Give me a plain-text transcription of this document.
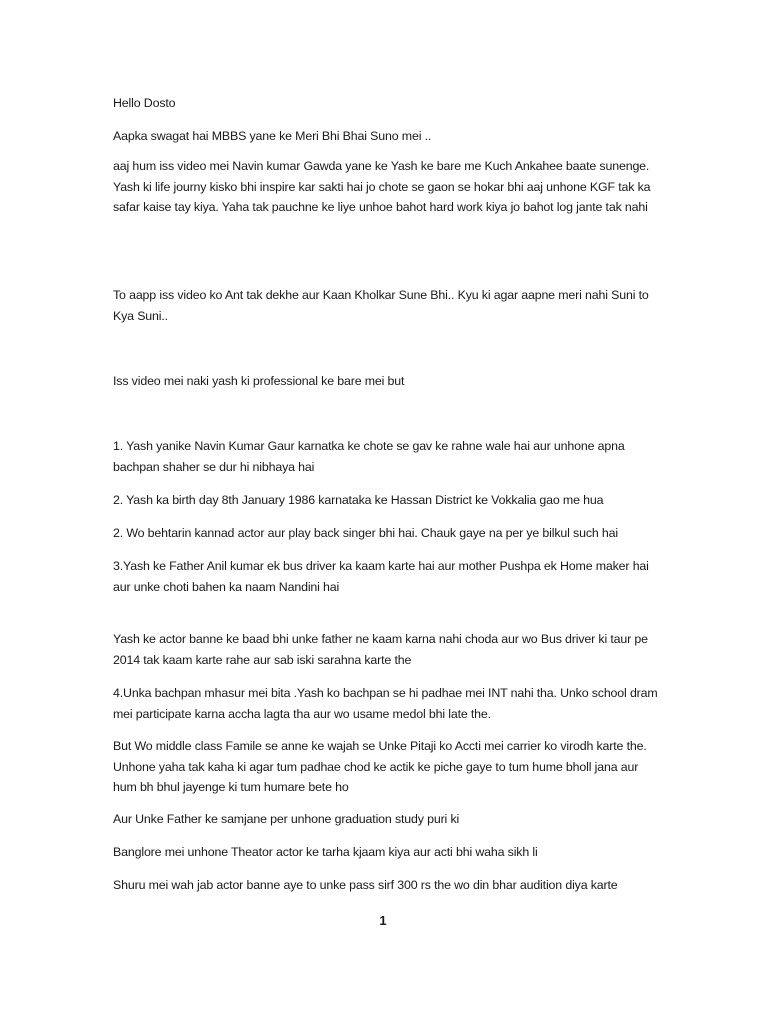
Hello Dosto

Aapka swagat hai MBBS yane ke Meri Bhi Bhai Suno mei ..

aaj hum iss video mei Navin kumar Gawda yane ke Yash ke bare me Kuch Ankahee baate sunenge. Yash ki life journy kisko bhi inspire kar sakti hai jo chote se gaon se hokar bhi aaj unhone KGF tak ka safar kaise tay kiya. Yaha tak pauchne ke liye unhoe bahot hard work kiya jo bahot log jante tak nahi

To aapp iss video ko Ant tak dekhe aur Kaan Kholkar Sune Bhi.. Kyu ki agar aapne meri nahi Suni to Kya Suni..

Iss video mei naki yash ki professional ke bare mei but

1. Yash yanike Navin Kumar Gaur karnatka ke chote se gav ke rahne wale hai aur unhone apna bachpan shaher se dur hi nibhaya hai

2. Yash ka birth day 8th January 1986 karnataka ke Hassan District ke Vokkalia gao me hua

2. Wo behtarin kannad actor aur play back singer bhi hai. Chauk gaye na per ye bilkul such hai

3.Yash ke Father Anil kumar ek bus driver ka kaam karte hai aur mother Pushpa ek Home maker hai aur unke choti bahen ka naam Nandini hai

Yash ke actor banne ke baad bhi unke father ne kaam karna nahi choda aur wo Bus driver ki taur pe 2014 tak kaam karte rahe aur sab iski sarahna karte the

4.Unka bachpan mhasur mei bita .Yash ko bachpan se hi padhae mei INT nahi tha. Unko school dram mei participate karna accha lagta tha aur wo usame medol bhi late the.

But Wo middle class Famile se anne ke wajah se Unke Pitaji ko Accti mei carrier ko virodh karte the. Unhone yaha tak kaha ki agar tum padhae chod ke actik ke piche gaye to tum hume bholl jana aur hum bh bhul jayenge ki tum humare bete ho

Aur Unke Father ke samjane per unhone graduation study puri ki

Banglore mei unhone Theator actor ke tarha kjaam kiya aur acti bhi waha sikh li

Shuru mei wah jab actor banne aye to unke pass sirf 300 rs the wo din bhar audition diya karte

1
